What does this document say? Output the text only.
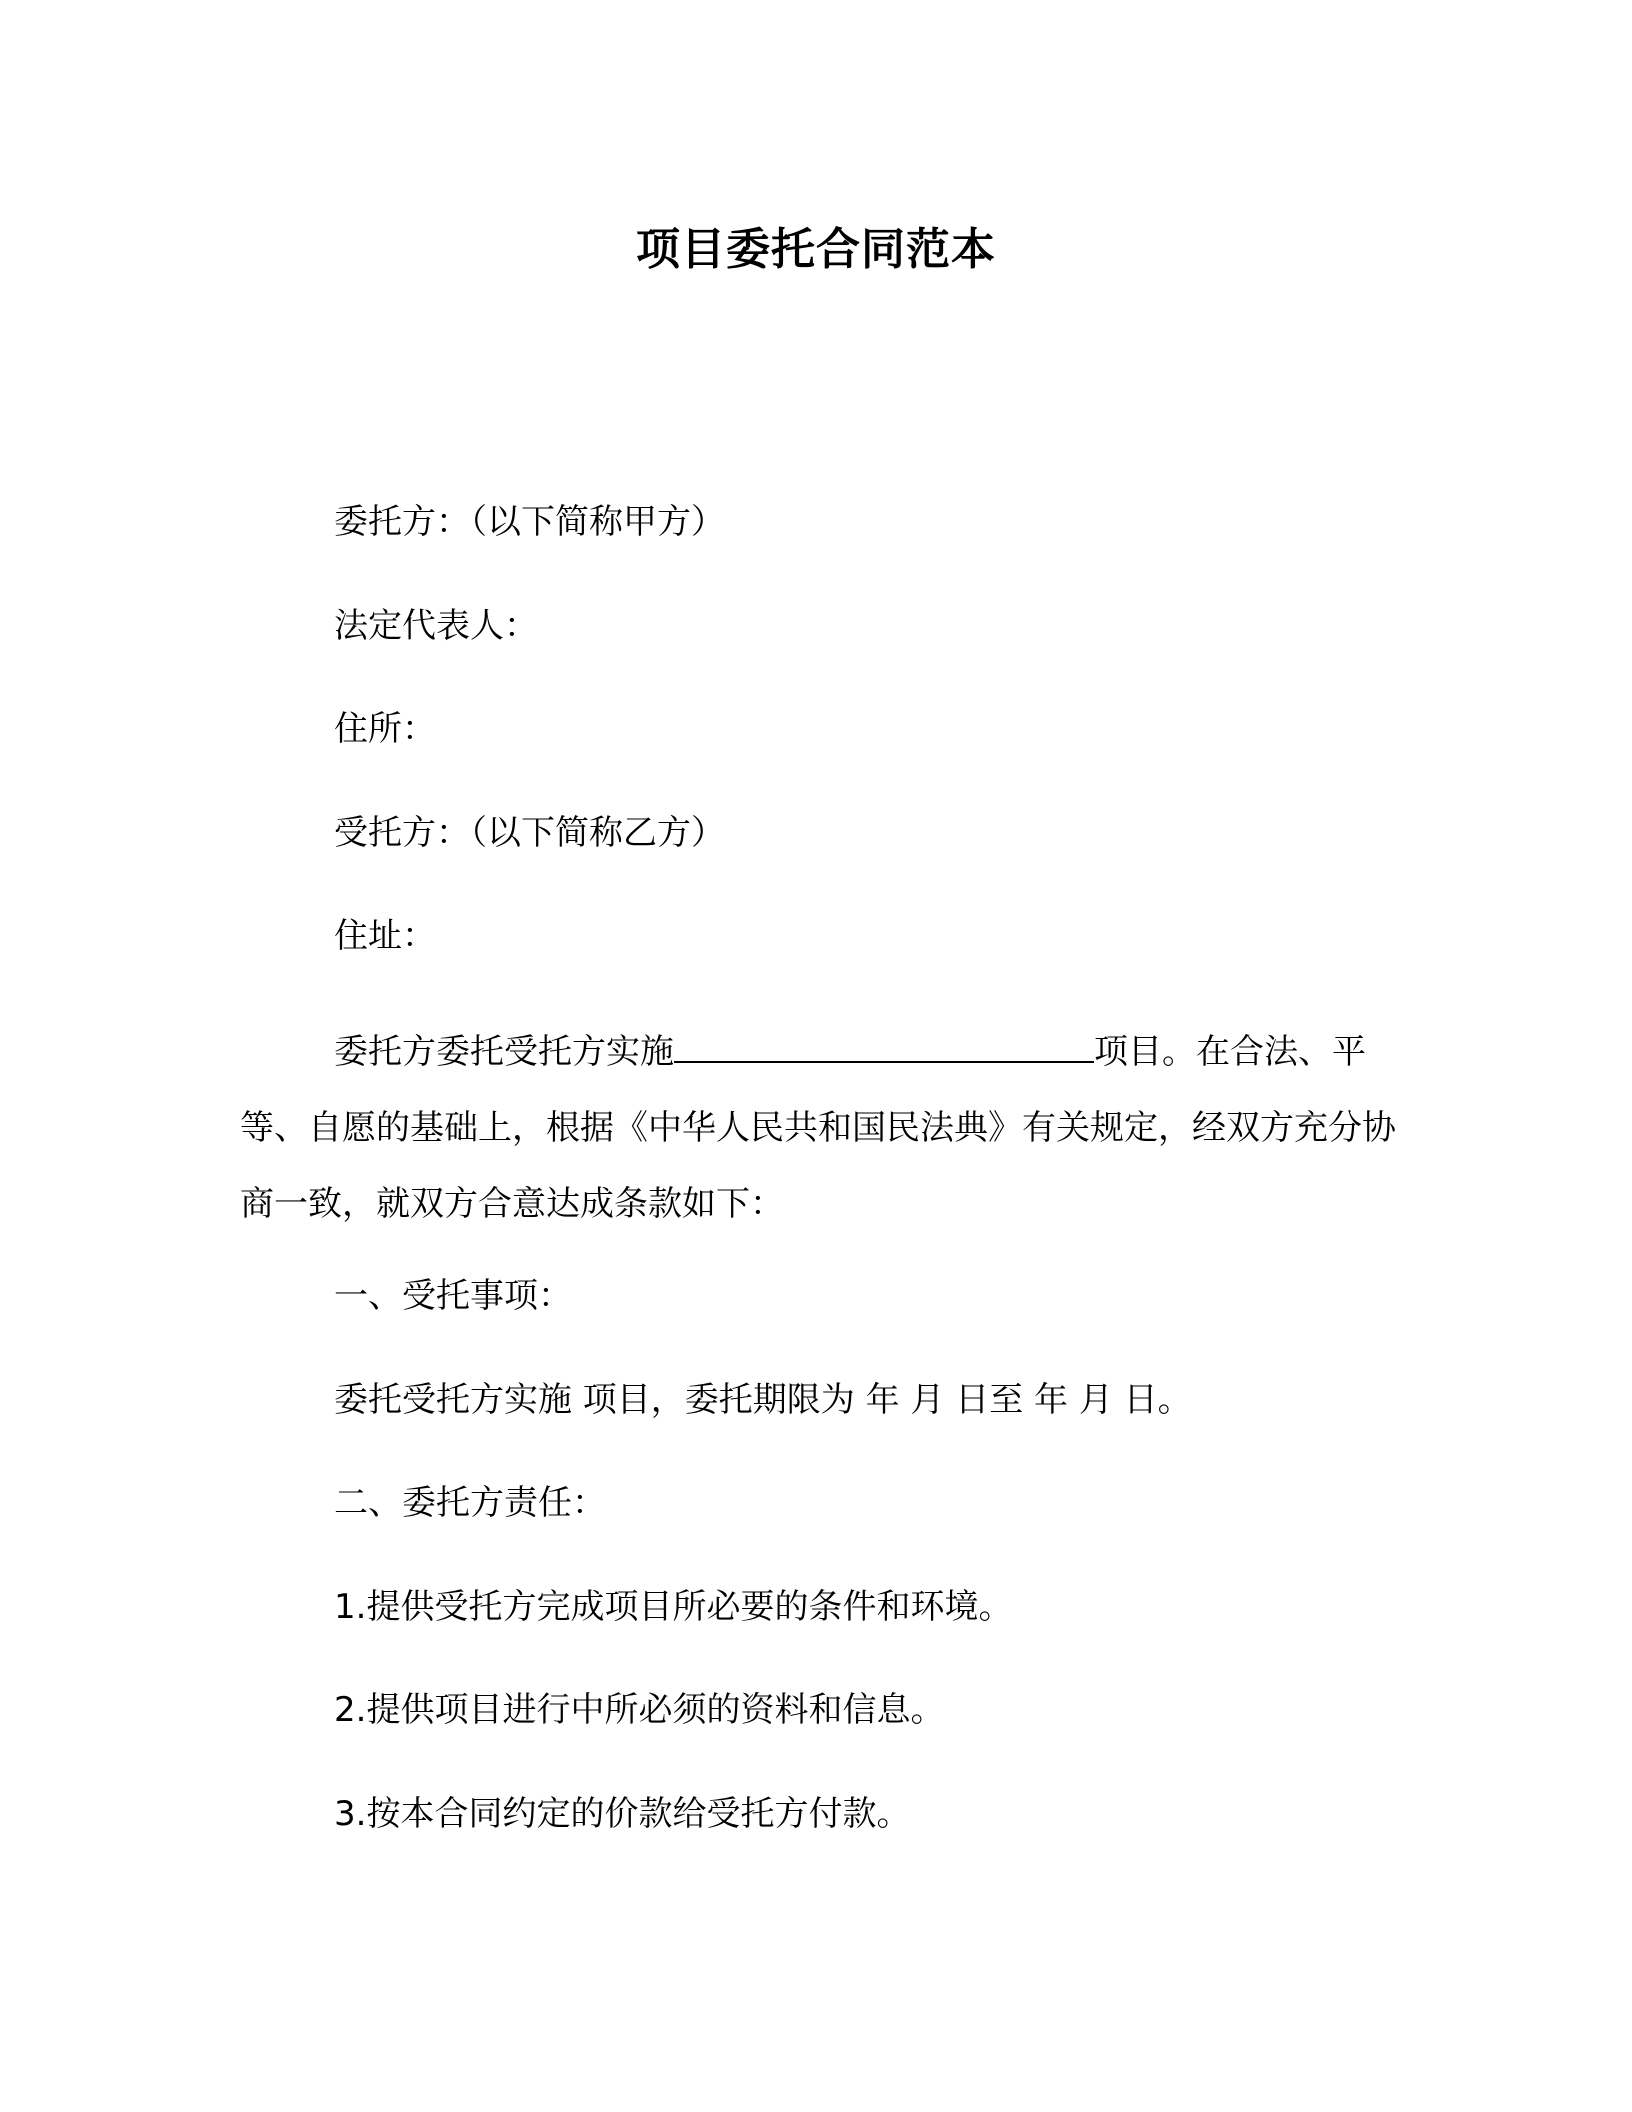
项目委托合同范本
委托方：（以下简称甲方）
法定代表人：
住所：
受托方：（以下简称乙方）
住址：
委托方委托受托方实施	项目。在合法、平等、自愿的基础上，根据《中华人民共和国民法典》有关规定，经双方充分协商一致，就双方合意达成条款如下：
一、受托事项：
委托受托方实施 项目，委托期限为 年 月 日至 年 月 日。
二、委托方责任：
1.提供受托方完成项目所必要的条件和环境。
2.提供项目进行中所必须的资料和信息。
3.按本合同约定的价款给受托方付款。
